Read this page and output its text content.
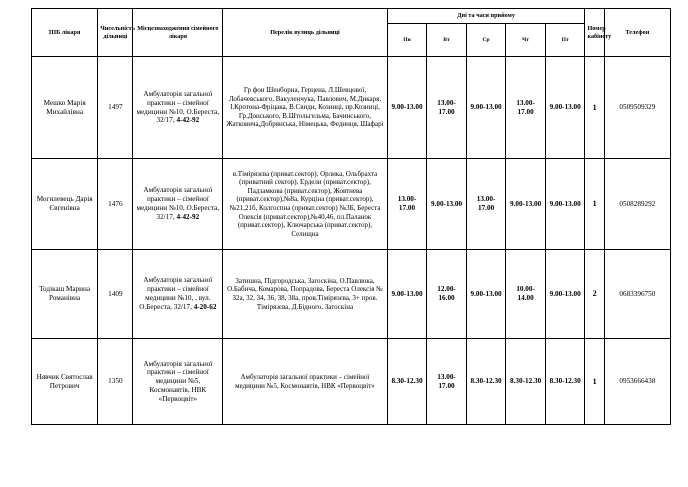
ПІБ лікаря	Чисельність дільниці	Місцезнаходження сімейного лікаря	Перелік вулиць дільниці	Дні та часи прийому					Номер кабінету	Телефон
				Пн	Вт	Ср	Чт	Пт		
Мешко Марія Михайлівна	1497	Амбулаторія загальної практики – сімейної медицини №10, О.Береста, 32/17, 4-42-92	Гр фон Шенборна, Герцена, Л.Шевцової, Лобачевського, Вакуленчука, Павлович, М.Дикаря, І.Кротона-Фріцака, В.Свиди, Козниці, пр.Козниці, Гр.Донського, В.Штольгельма, Бачинського, Жатковича,Добрянська, Німецька, Фединця, Шафарі	9.00-13.00	13.00-17.00	9.00-13.00	13.00-17.00	9.00-13.00	1	0509509329
Могилевець Дарія Євгенівна	1476	Амбулаторія загальної практики – сімейної медицини №10, О.Береста, 32/17, 4-42-92	в.Тімірязєва (приват.сектор), Орлика, Ольбрахта (приватний сектор), Ердели (приват.сектор), Падзамкова (приват.сектор), Жовтнева (приват.сектор),№8а, Курціна (приват.сектор), №21,21б, Колгоспна (приват.сектор) №3Б, Береста Олексія (приват.сектор),№40,46, пл.Паланок (приват.сектор), Ключарська (приват.сектор), Селищна	13.00-17.00	9.00-13.00	13.00-17.00	9.00-13.00	9.00-13.00	1	0508289292
Тодікаш Марина Романівна	1409	Амбулаторія загальної практики – сімейної медицини №10, , вул. О.Береста, 32/17, 4-20-62	Затишна, Підгородська, Загоскіна, О.Павлюка, О.Бабича, Комарова, Попрадова, Береста Олексія № 32а, 32, 34, 36, 38, 38а, пров.Тімірязєва, 3+ пров. Тімірязєва, Д.Бідного, Загоскіна	9.00-13.00	12.00-16.00	9.00-13.00	10.00-14.00	9.00-13.00	2	0683396750
Нявчик Святослав Петрович	1350	Амбулаторія загальної практики – сімейної медицини №5, Космонавтів, НВК «Первоцвіт»	Амбулаторія загальної практики – сімейної медицини №5, Космонавтів, НВК «Первоцвіт»	8.30-12.30	13.00-17.00	8.30-12.30	8.30-12.30	8.30-12.30	1	0953666438
